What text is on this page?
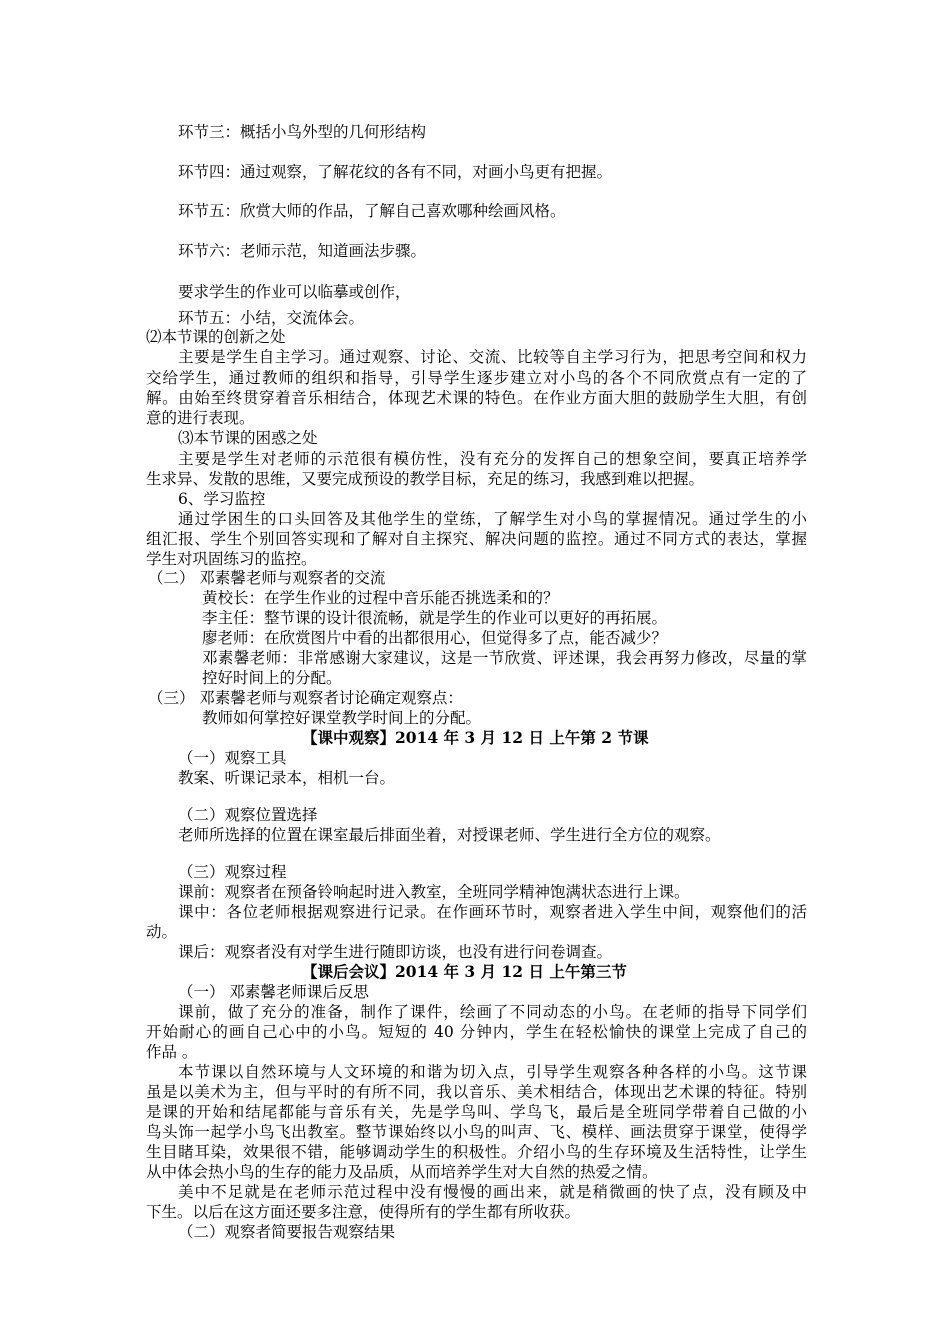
环节三：概括小鸟外型的几何形结构
环节四：通过观察，了解花纹的各有不同，对画小鸟更有把握。
环节五：欣赏大师的作品，了解自己喜欢哪种绘画风格。
环节六：老师示范，知道画法步骤。
要求学生的作业可以临摹或创作，
环节五：小结，交流体会。
⑵本节课的创新之处
主要是学生自主学习。通过观察、讨论、交流、比较等自主学习行为，把思考空间和权力
交给学生，通过教师的组织和指导，引导学生逐步建立对小鸟的各个不同欣赏点有一定的了
解。由始至终贯穿着音乐相结合，体现艺术课的特色。在作业方面大胆的鼓励学生大胆，有创
意的进行表现。
⑶本节课的困惑之处
主要是学生对老师的示范很有模仿性，没有充分的发挥自己的想象空间，要真正培养学
生求异、发散的思维，又要完成预设的教学目标，充足的练习，我感到难以把握。
6、学习监控
通过学困生的口头回答及其他学生的堂练，了解学生对小鸟的掌握情况。通过学生的小
组汇报、学生个别回答实现和了解对自主探究、解决问题的监控。通过不同方式的表达，掌握
学生对巩固练习的监控。
（二） 邓素馨老师与观察者的交流
黄校长：在学生作业的过程中音乐能否挑选柔和的？
李主任：整节课的设计很流畅，就是学生的作业可以更好的再拓展。
廖老师：在欣赏图片中看的出都很用心，但觉得多了点，能否减少？
邓素馨老师：非常感谢大家建议，这是一节欣赏、评述课，我会再努力修改，尽量的掌
控好时间上的分配。
（三） 邓素馨老师与观察者讨论确定观察点：
教师如何掌控好课堂教学时间上的分配。
【课中观察】2014 年 3 月 12 日 上午第 2 节课
（一）观察工具
教案、听课记录本，相机一台。
（二）观察位置选择
老师所选择的位置在课室最后排面坐着，对授课老师、学生进行全方位的观察。
（三）观察过程
课前：观察者在预备铃响起时进入教室，全班同学精神饱满状态进行上课。
课中：各位老师根据观察进行记录。在作画环节时，观察者进入学生中间，观察他们的活
动。
课后：观察者没有对学生进行随即访谈，也没有进行问卷调查。
【课后会议】2014 年 3 月 12 日 上午第三节
（一） 邓素馨老师课后反思
课前，做了充分的准备，制作了课件，绘画了不同动态的小鸟。在老师的指导下同学们
开始耐心的画自己心中的小鸟。短短的 40 分钟内，学生在轻松愉快的课堂上完成了自己的
作品 。
本节课以自然环境与人文环境的和谐为切入点，引导学生观察各种各样的小鸟。这节课
虽是以美术为主，但与平时的有所不同，我以音乐、美术相结合，体现出艺术课的特征。特别
是课的开始和结尾都能与音乐有关，先是学鸟叫、学鸟飞，最后是全班同学带着自己做的小
鸟头饰一起学小鸟飞出教室。整节课始终以小鸟的叫声、飞、模样、画法贯穿于课堂，使得学
生目睹耳染，效果很不错，能够调动学生的积极性。介绍小鸟的生存环境及生活特性，让学生
从中体会热小鸟的生存的能力及品质，从而培养学生对大自然的热爱之情。
美中不足就是在老师示范过程中没有慢慢的画出来，就是稍微画的快了点，没有顾及中
下生。以后在这方面还要多注意，使得所有的学生都有所收获。
（二）观察者简要报告观察结果
